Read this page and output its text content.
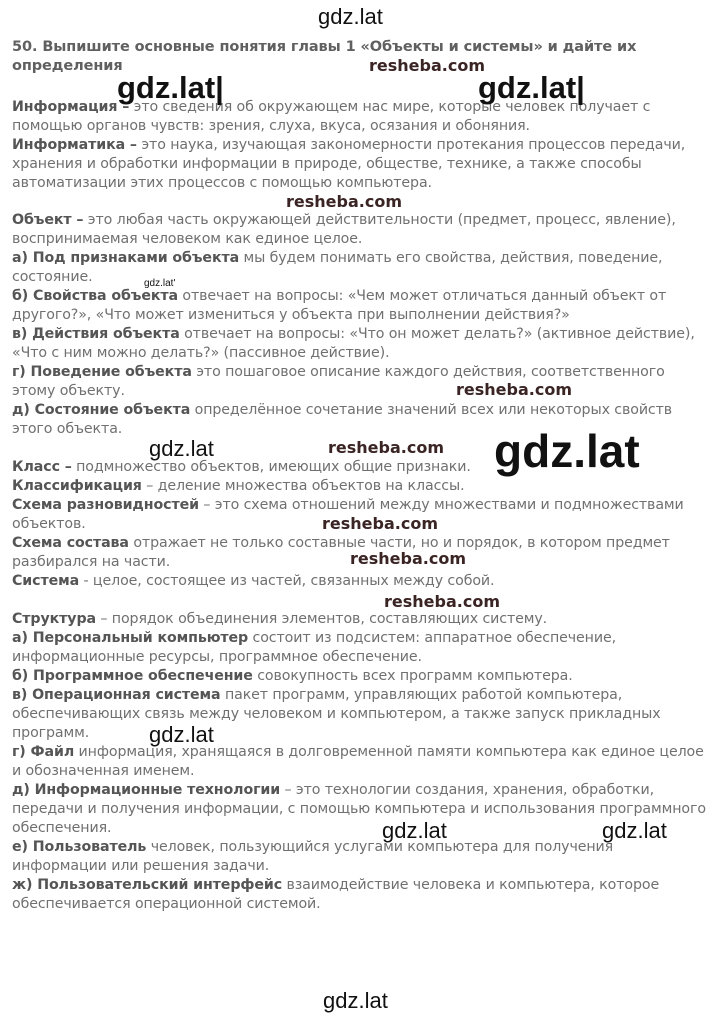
50. Выпишите основные понятия главы 1 «Объекты и системы» и дайте их определения
Информация – это сведения об окружающем нас мире, которые человек получает с помощью органов чувств: зрения, слуха, вкуса, осязания и обоняния.
Информатика – это наука, изучающая закономерности протекания процессов передачи, хранения и обработки информации в природе, обществе, технике, а также способы автоматизации этих процессов с помощью компьютера.
Объект – это любая часть окружающей действительности (предмет, процесс, явление), воспринимаемая человеком как единое целое.
а) Под признаками объекта мы будем понимать его свойства, действия, поведение, состояние.
б) Свойства объекта отвечает на вопросы: «Чем может отличаться данный объект от другого?», «Что может измениться у объекта при выполнении действия?»
в) Действия объекта отвечает на вопросы: «Что он может делать?» (активное действие), «Что с ним можно делать?» (пассивное действие).
г) Поведение объекта это пошаговое описание каждого действия, соответственного этому объекту.
д) Состояние объекта определённое сочетание значений всех или некоторых свойств этого объекта.
Класс – подмножество объектов, имеющих общие признаки.
Классификация – деление множества объектов на классы.
Схема разновидностей – это схема отношений между множествами и подмножествами объектов.
Схема состава отражает не только составные части, но и порядок, в котором предмет разбирался на части.
Система - целое, состоящее из частей, связанных между собой.
Структура – порядок объединения элементов, составляющих систему.
а) Персональный компьютер состоит из подсистем: аппаратное обеспечение, информационные ресурсы, программное обеспечение.
б) Программное обеспечение совокупность всех программ компьютера.
в) Операционная система пакет программ, управляющих работой компьютера, обеспечивающих связь между человеком и компьютером, а также запуск прикладных программ.
г) Файл информация, хранящаяся в долговременной памяти компьютера как единое целое и обозначенная именем.
д) Информационные технологии – это технологии создания, хранения, обработки, передачи и получения информации, с помощью компьютера и использования программного обеспечения.
е) Пользователь человек, пользующийся услугами компьютера для получения информации или решения задачи.
ж) Пользовательский интерфейс взаимодействие человека и компьютера, которое обеспечивается операционной системой.
gdz.lat
gdz.lat|	gdz.lat|
resheba.com
resheba.com
gdz.lat'
resheba.com
gdz.lat	resheba.com gdz.lat
resheba.com
resheba.com
resheba.com
gdz.lat
gdz.lat	gdz.lat
gdz.lat
